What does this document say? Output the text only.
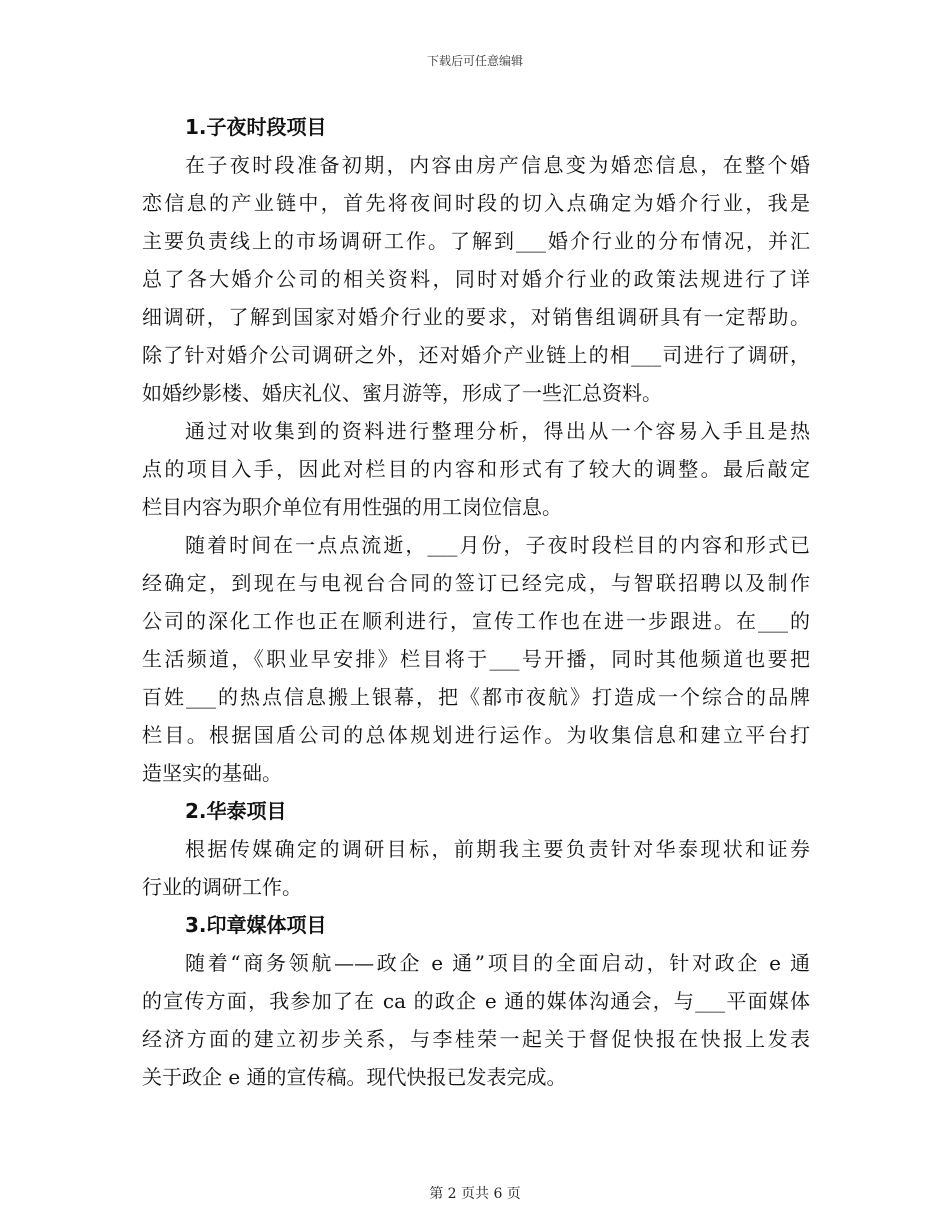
下载后可任意编辑
1.子夜时段项目
在子夜时段准备初期，内容由房产信息变为婚恋信息，在整个婚
恋信息的产业链中，首先将夜间时段的切入点确定为婚介行业，我是
主要负责线上的市场调研工作。了解到___婚介行业的分布情况，并汇
总了各大婚介公司的相关资料，同时对婚介行业的政策法规进行了详
细调研，了解到国家对婚介行业的要求，对销售组调研具有一定帮助。
除了针对婚介公司调研之外，还对婚介产业链上的相___司进行了调研，
如婚纱影楼、婚庆礼仪、蜜月游等，形成了一些汇总资料。
通过对收集到的资料进行整理分析，得出从一个容易入手且是热
点的项目入手，因此对栏目的内容和形式有了较大的调整。最后敲定
栏目内容为职介单位有用性强的用工岗位信息。
随着时间在一点点流逝，___月份，子夜时段栏目的内容和形式已
经确定，到现在与电视台合同的签订已经完成，与智联招聘以及制作
公司的深化工作也正在顺利进行，宣传工作也在进一步跟进。在___的
生活频道，《职业早安排》栏目将于___号开播，同时其他频道也要把
百姓___的热点信息搬上银幕，把《都市夜航》打造成一个综合的品牌
栏目。根据国盾公司的总体规划进行运作。为收集信息和建立平台打
造坚实的基础。
2.华泰项目
根据传媒确定的调研目标，前期我主要负责针对华泰现状和证券
行业的调研工作。
3.印章媒体项目
随着“商务领航——政企 e 通”项目的全面启动，针对政企 e 通
的宣传方面，我参加了在 ca 的政企 e 通的媒体沟通会，与___平面媒体
经济方面的建立初步关系，与李桂荣一起关于督促快报在快报上发表
关于政企 e 通的宣传稿。现代快报已发表完成。
第 2 页共 6 页
